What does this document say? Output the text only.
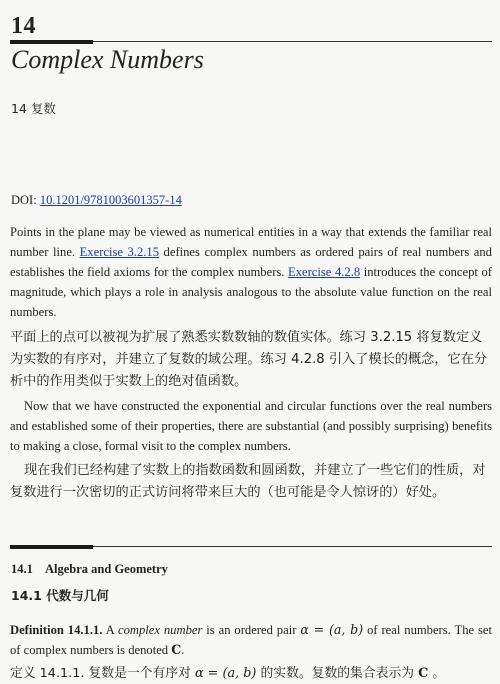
14
Complex Numbers
14 复数
DOI: 10.1201/9781003601357-14
Points in the plane may be viewed as numerical entities in a way that extends the familiar real number line. Exercise 3.2.15 defines complex numbers as ordered pairs of real numbers and establishes the field axioms for the complex numbers. Exercise 4.2.8 introduces the concept of magnitude, which plays a role in analysis analogous to the absolute value function on the real numbers.
平面上的点可以被视为扩展了熟悉实数数轴的数值实体。练习 3.2.15 将复数定义为实数的有序对，并建立了复数的域公理。练习 4.2.8 引入了模长的概念，它在分析中的作用类似于实数上的绝对值函数。
Now that we have constructed the exponential and circular functions over the real numbers and established some of their properties, there are substantial (and possibly surprising) benefits to making a close, formal visit to the complex numbers.
现在我们已经构建了实数上的指数函数和圆函数，并建立了一些它们的性质，对复数进行一次密切的正式访问将带来巨大的（也可能是令人惊讶的）好处。
14.1 Algebra and Geometry
14.1 代数与几何
Definition 14.1.1. A complex number is an ordered pair α = (a, b) of real numbers. The set of complex numbers is denoted C.
定义 14.1.1. 复数是一个有序对 α = (a, b) 的实数。复数的集合表示为 C 。
